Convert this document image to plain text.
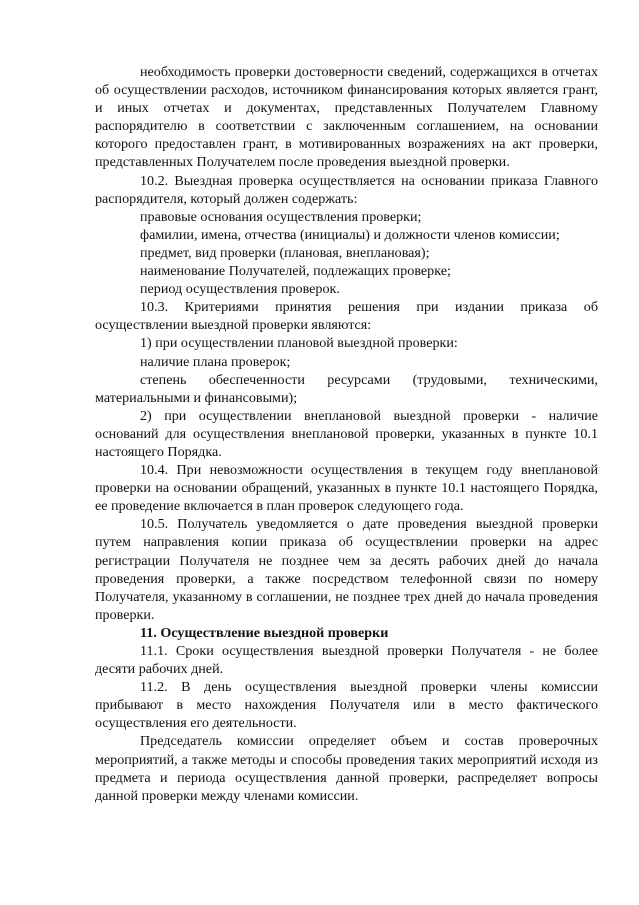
необходимость проверки достоверности сведений, содержащихся в отчетах об осуществлении расходов, источником финансирования которых является грант, и иных отчетах и документах, представленных Получателем Главному распорядителю в соответствии с заключенным соглашением, на основании которого предоставлен грант, в мотивированных возражениях на акт проверки, представленных Получателем после проведения выездной проверки.

10.2. Выездная проверка осуществляется на основании приказа Главного распорядителя, который должен содержать:

правовые основания осуществления проверки;

фамилии, имена, отчества (инициалы) и должности членов комиссии;

предмет, вид проверки (плановая, внеплановая);

наименование Получателей, подлежащих проверке;

период осуществления проверок.

10.3. Критериями принятия решения при издании приказа об осуществлении выездной проверки являются:

1) при осуществлении плановой выездной проверки:

наличие плана проверок;

степень обеспеченности ресурсами (трудовыми, техническими, материальными и финансовыми);

2) при осуществлении внеплановой выездной проверки - наличие оснований для осуществления внеплановой проверки, указанных в пункте 10.1 настоящего Порядка.

10.4. При невозможности осуществления в текущем году внеплановой проверки на основании обращений, указанных в пункте 10.1 настоящего Порядка, ее проведение включается в план проверок следующего года.

10.5. Получатель уведомляется о дате проведения выездной проверки путем направления копии приказа об осуществлении проверки на адрес регистрации Получателя не позднее чем за десять рабочих дней до начала проведения проверки, а также посредством телефонной связи по номеру Получателя, указанному в соглашении, не позднее трех дней до начала проведения проверки.

11. Осуществление выездной проверки

11.1. Сроки осуществления выездной проверки Получателя - не более десяти рабочих дней.

11.2. В день осуществления выездной проверки члены комиссии прибывают в место нахождения Получателя или в место фактического осуществления его деятельности.

Председатель комиссии определяет объем и состав проверочных мероприятий, а также методы и способы проведения таких мероприятий исходя из предмета и периода осуществления данной проверки, распределяет вопросы данной проверки между членами комиссии.
